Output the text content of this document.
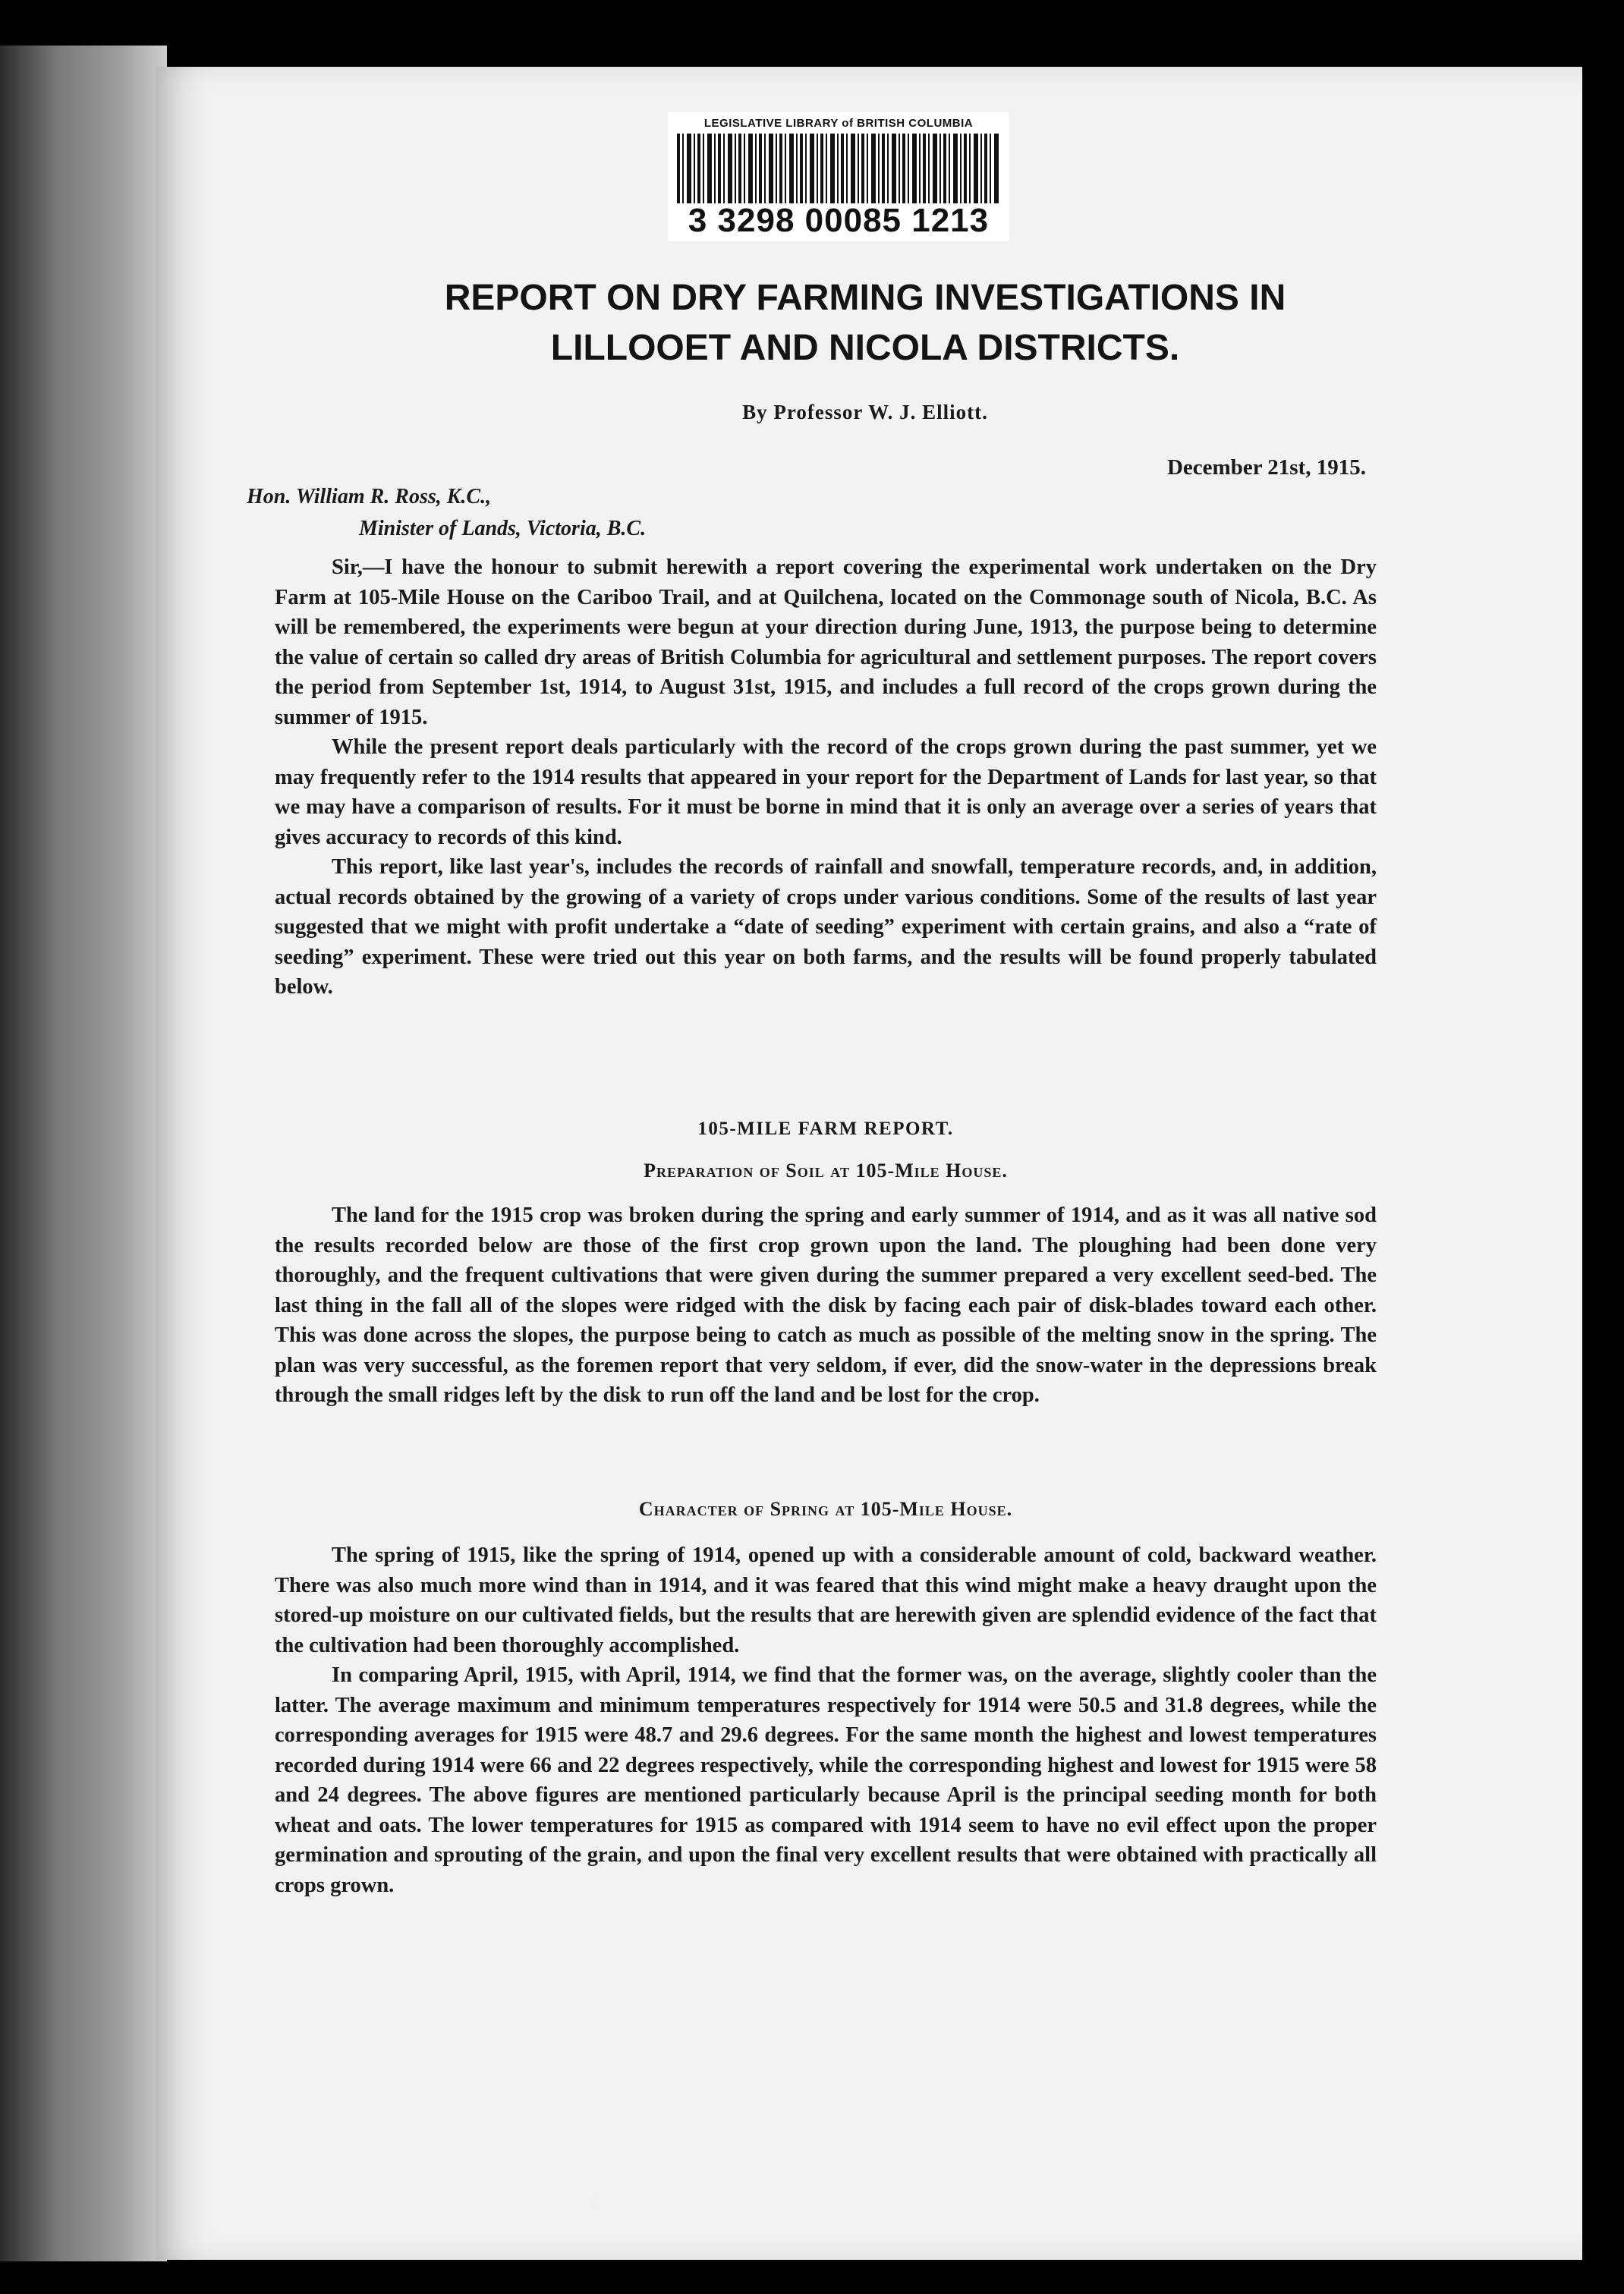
LEGISLATIVE LIBRARY of BRITISH COLUMBIA
3 3298 00085 1213
REPORT ON DRY FARMING INVESTIGATIONS IN
LILLOOET AND NICOLA DISTRICTS.
By Professor W. J. Elliott.
December 21st, 1915.
Hon. William R. Ross, K.C.,
Minister of Lands, Victoria, B.C.

Sir,—I have the honour to submit herewith a report covering the experimental work undertaken on the Dry Farm at 105-Mile House on the Cariboo Trail, and at Quilchena, located on the Commonage south of Nicola, B.C. As will be remembered, the experiments were begun at your direction during June, 1913, the purpose being to determine the value of certain so called dry areas of British Columbia for agricultural and settlement purposes. The report covers the period from September 1st, 1914, to August 31st, 1915, and includes a full record of the crops grown during the summer of 1915.

While the present report deals particularly with the record of the crops grown during the past summer, yet we may frequently refer to the 1914 results that appeared in your report for the Department of Lands for last year, so that we may have a comparison of results. For it must be borne in mind that it is only an average over a series of years that gives accuracy to records of this kind.

This report, like last year's, includes the records of rainfall and snowfall, temperature records, and, in addition, actual records obtained by the growing of a variety of crops under various conditions. Some of the results of last year suggested that we might with profit undertake a “date of seeding” experiment with certain grains, and also a “rate of seeding” experiment. These were tried out this year on both farms, and the results will be found properly tabulated below.

105-MILE FARM REPORT.
Preparation of Soil at 105-Mile House.

The land for the 1915 crop was broken during the spring and early summer of 1914, and as it was all native sod the results recorded below are those of the first crop grown upon the land. The ploughing had been done very thoroughly, and the frequent cultivations that were given during the summer prepared a very excellent seed-bed. The last thing in the fall all of the slopes were ridged with the disk by facing each pair of disk-blades toward each other. This was done across the slopes, the purpose being to catch as much as possible of the melting snow in the spring. The plan was very successful, as the foremen report that very seldom, if ever, did the snow-water in the depressions break through the small ridges left by the disk to run off the land and be lost for the crop.

Character of Spring at 105-Mile House.

The spring of 1915, like the spring of 1914, opened up with a considerable amount of cold, backward weather. There was also much more wind than in 1914, and it was feared that this wind might make a heavy draught upon the stored-up moisture on our cultivated fields, but the results that are herewith given are splendid evidence of the fact that the cultivation had been thoroughly accomplished.

In comparing April, 1915, with April, 1914, we find that the former was, on the average, slightly cooler than the latter. The average maximum and minimum temperatures respectively for 1914 were 50.5 and 31.8 degrees, while the corresponding averages for 1915 were 48.7 and 29.6 degrees. For the same month the highest and lowest temperatures recorded during 1914 were 66 and 22 degrees respectively, while the corresponding highest and lowest for 1915 were 58 and 24 degrees. The above figures are mentioned particularly because April is the principal seeding month for both wheat and oats. The lower temperatures for 1915 as compared with 1914 seem to have no evil effect upon the proper germination and sprouting of the grain, and upon the final very excellent results that were obtained with practically all crops grown.

✦
